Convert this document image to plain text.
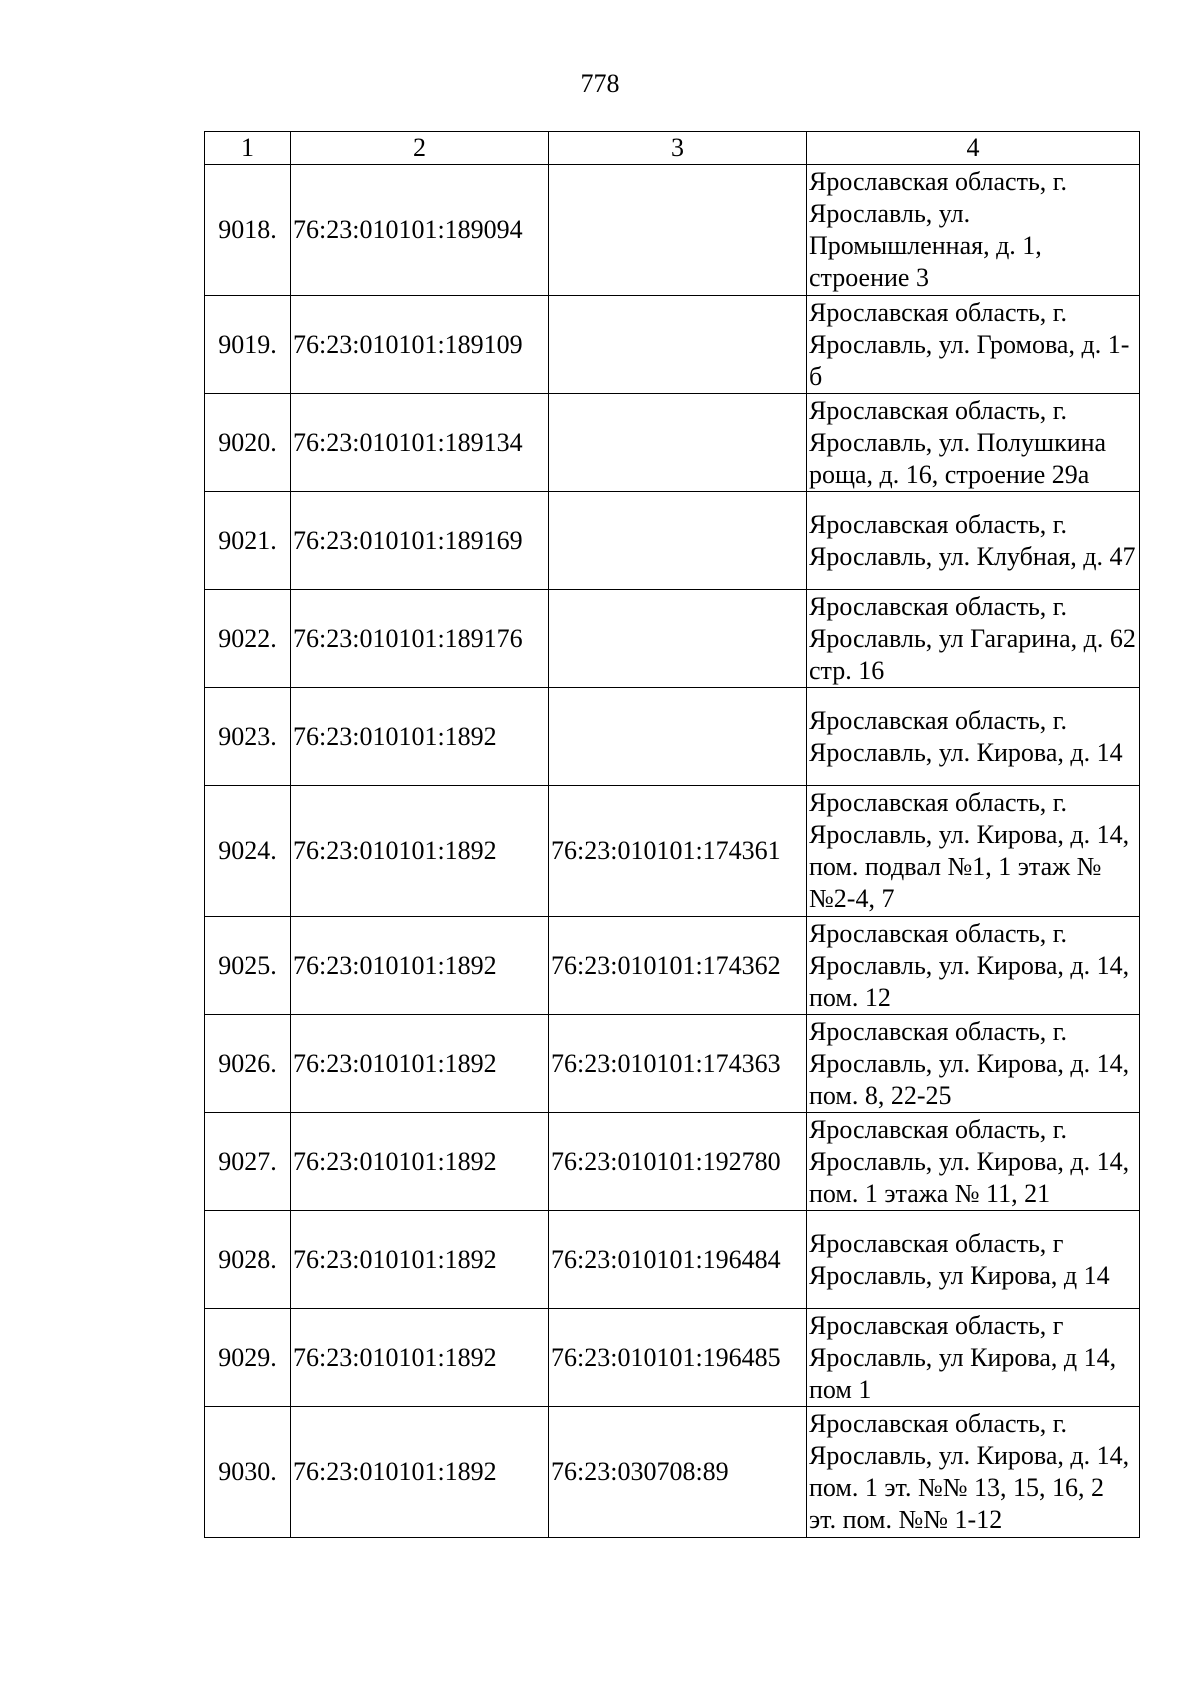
778
1	2	3	4
9018.	76:23:010101:189094		Ярославская область, г. Ярославль, ул. Промышленная, д. 1, строение 3
9019.	76:23:010101:189109		Ярославская область, г. Ярославль, ул. Громова, д. 1-б
9020.	76:23:010101:189134		Ярославская область, г. Ярославль, ул. Полушкина роща, д. 16, строение 29а
9021.	76:23:010101:189169		Ярославская область, г. Ярославль, ул. Клубная, д. 47
9022.	76:23:010101:189176		Ярославская область, г. Ярославль, ул Гагарина, д. 62 стр. 16
9023.	76:23:010101:1892		Ярославская область, г. Ярославль, ул. Кирова, д. 14
9024.	76:23:010101:1892	76:23:010101:174361	Ярославская область, г. Ярославль, ул. Кирова, д. 14, пом. подвал №1, 1 этаж №№2-4, 7
9025.	76:23:010101:1892	76:23:010101:174362	Ярославская область, г. Ярославль, ул. Кирова, д. 14, пом. 12
9026.	76:23:010101:1892	76:23:010101:174363	Ярославская область, г. Ярославль, ул. Кирова, д. 14, пом. 8, 22-25
9027.	76:23:010101:1892	76:23:010101:192780	Ярославская область, г. Ярославль, ул. Кирова, д. 14, пом. 1 этажа № 11, 21
9028.	76:23:010101:1892	76:23:010101:196484	Ярославская область, г Ярославль, ул Кирова, д 14
9029.	76:23:010101:1892	76:23:010101:196485	Ярославская область, г Ярославль, ул Кирова, д 14, пом 1
9030.	76:23:010101:1892	76:23:030708:89	Ярославская область, г. Ярославль, ул. Кирова, д. 14, пом. 1 эт. №№ 13, 15, 16, 2 эт. пом. №№ 1-12
